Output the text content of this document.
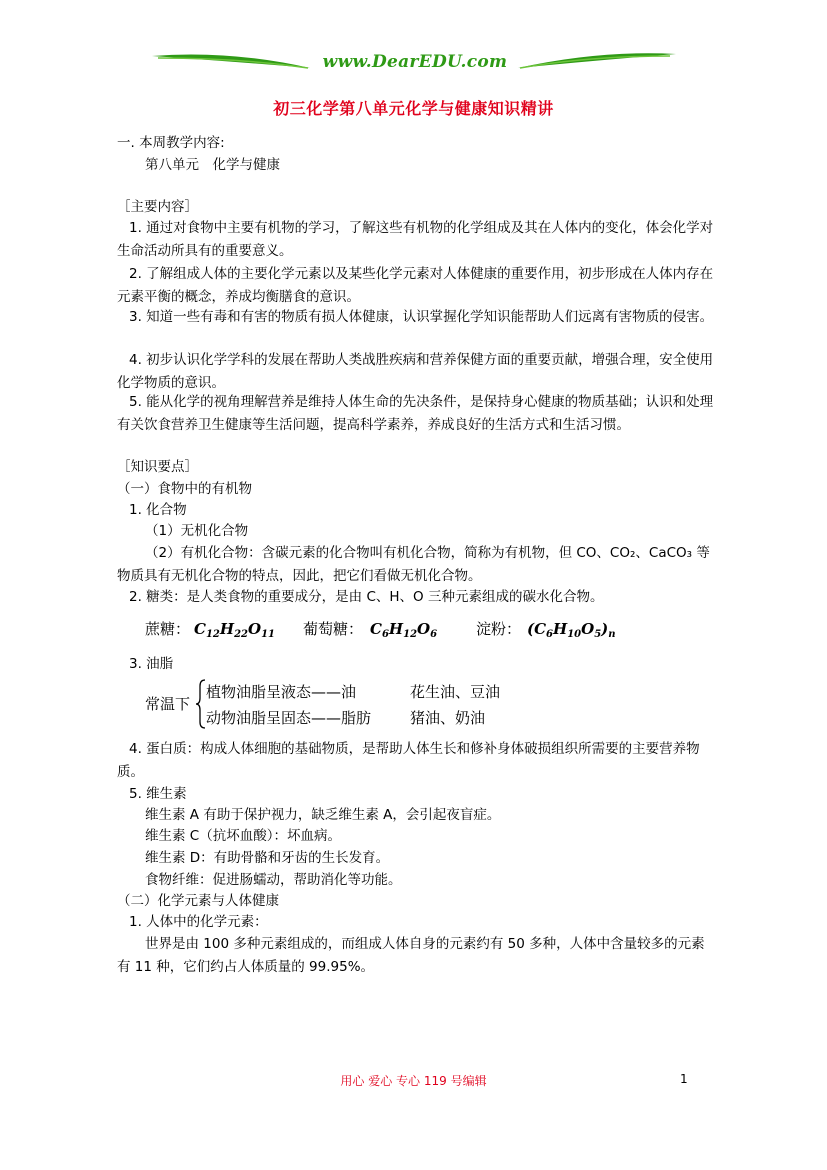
www.DearEDU.com
初三化学第八单元化学与健康知识精讲
一. 本周教学内容:
第八单元　化学与健康
［主要内容］
1. 通过对食物中主要有机物的学习，了解这些有机物的化学组成及其在人体内的变化，体会化学对生命活动所具有的重要意义。
2. 了解组成人体的主要化学元素以及某些化学元素对人体健康的重要作用，初步形成在人体内存在元素平衡的概念，养成均衡膳食的意识。
3. 知道一些有毒和有害的物质有损人体健康，认识掌握化学知识能帮助人们远离有害物质的侵害。
4. 初步认识化学学科的发展在帮助人类战胜疾病和营养保健方面的重要贡献，增强合理，安全使用化学物质的意识。
5. 能从化学的视角理解营养是维持人体生命的先决条件，是保持身心健康的物质基础；认识和处理有关饮食营养卫生健康等生活问题，提高科学素养，养成良好的生活方式和生活习惯。
［知识要点］
（一）食物中的有机物
1. 化合物
（1）无机化合物
（2）有机化合物：含碳元素的化合物叫有机化合物，简称为有机物，但 CO、CO₂、CaCO₃ 等物质具有无机化合物的特点，因此，把它们看做无机化合物。
2. 糖类：是人类食物的重要成分，是由 C、H、O 三种元素组成的碳水化合物。
蔗糖： $C_{12}H_{22}O_{11}$ 葡萄糖： $C_6H_{12}O_6$	淀粉： $(C_6H_{10}O_5)_n$
3. 油脂
常温下
植物油脂呈液态——油	花生油、豆油
动物油脂呈固态——脂肪	猪油、奶油
4. 蛋白质：构成人体细胞的基础物质，是帮助人体生长和修补身体破损组织所需要的主要营养物质。
5. 维生素
维生素 A 有助于保护视力，缺乏维生素 A，会引起夜盲症。
维生素 C（抗坏血酸）：坏血病。
维生素 D：有助骨骼和牙齿的生长发育。
食物纤维：促进肠蠕动，帮助消化等功能。
（二）化学元素与人体健康
1. 人体中的化学元素：
世界是由 100 多种元素组成的，而组成人体自身的元素约有 50 多种，人体中含量较多的元素有 11 种，它们约占人体质量的 99.95%。
用心 爱心 专心 119 号编辑	1
